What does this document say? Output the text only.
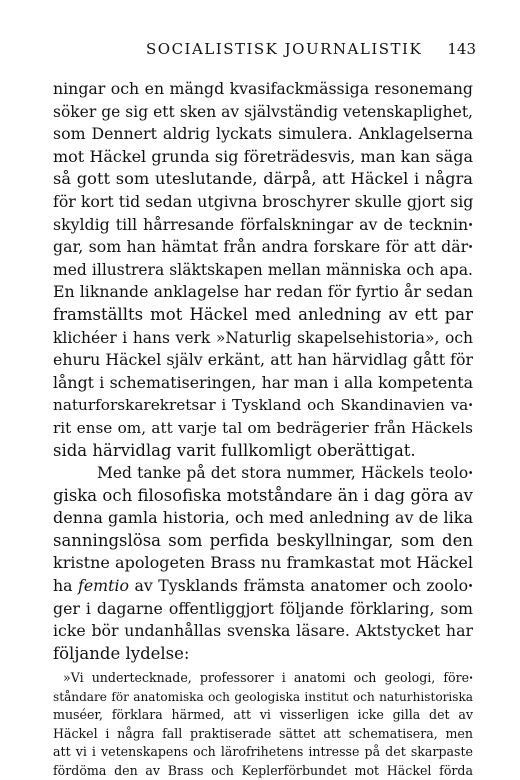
SOCIALISTISK JOURNALISTIK 143
ningar och en mängd kvasifackmässiga resonemang
söker ge sig ett sken av självständig vetenskaplighet,
som Dennert aldrig lyckats simulera. Anklagelserna
mot Häckel grunda sig företrädesvis, man kan säga
så gott som uteslutande, därpå, att Häckel i några
för kort tid sedan utgivna broschyrer skulle gjort sig
skyldig till hårresande förfalskningar av de teckninꞏ
gar, som han hämtat från andra forskare för att därꞏ
med illustrera släktskapen mellan människa och apa.
En liknande anklagelse har redan för fyrtio år sedan
framställts mot Häckel med anledning av ett par
klichéer i hans verk »Naturlig skapelsehistoria», och
ehuru Häckel själv erkänt, att han härvidlag gått för
långt i schematiseringen, har man i alla kompetenta
naturforskarekretsar i Tyskland och Skandinavien vaꞏ
rit ense om, att varje tal om bedrägerier från Häckels
sida härvidlag varit fullkomligt oberättigat.
Med tanke på det stora nummer, Häckels teoloꞏ
giska och filosofiska motståndare än i dag göra av
denna gamla historia, och med anledning av de lika
sanningslösa som perfida beskyllningar, som den
kristne apologeten Brass nu framkastat mot Häckel
ha femtio av Tysklands främsta anatomer och zooloꞏ
ger i dagarne offentliggjort följande förklaring, som
icke bör undanhållas svenska läsare. Aktstycket har
följande lydelse:
»Vi undertecknade, professorer i anatomi och geologi, föreꞏ
ståndare för anatomiska och geologiska institut och naturhistoriska
muséer, förklara härmed, att vi visserligen icke gilla det av
Häckel i några fall praktiserade sättet att schematisera, men
att vi i vetenskapens och lärofrihetens intresse på det skarpaste
fördöma den av Brass och Keplerförbundet mot Häckel förda
